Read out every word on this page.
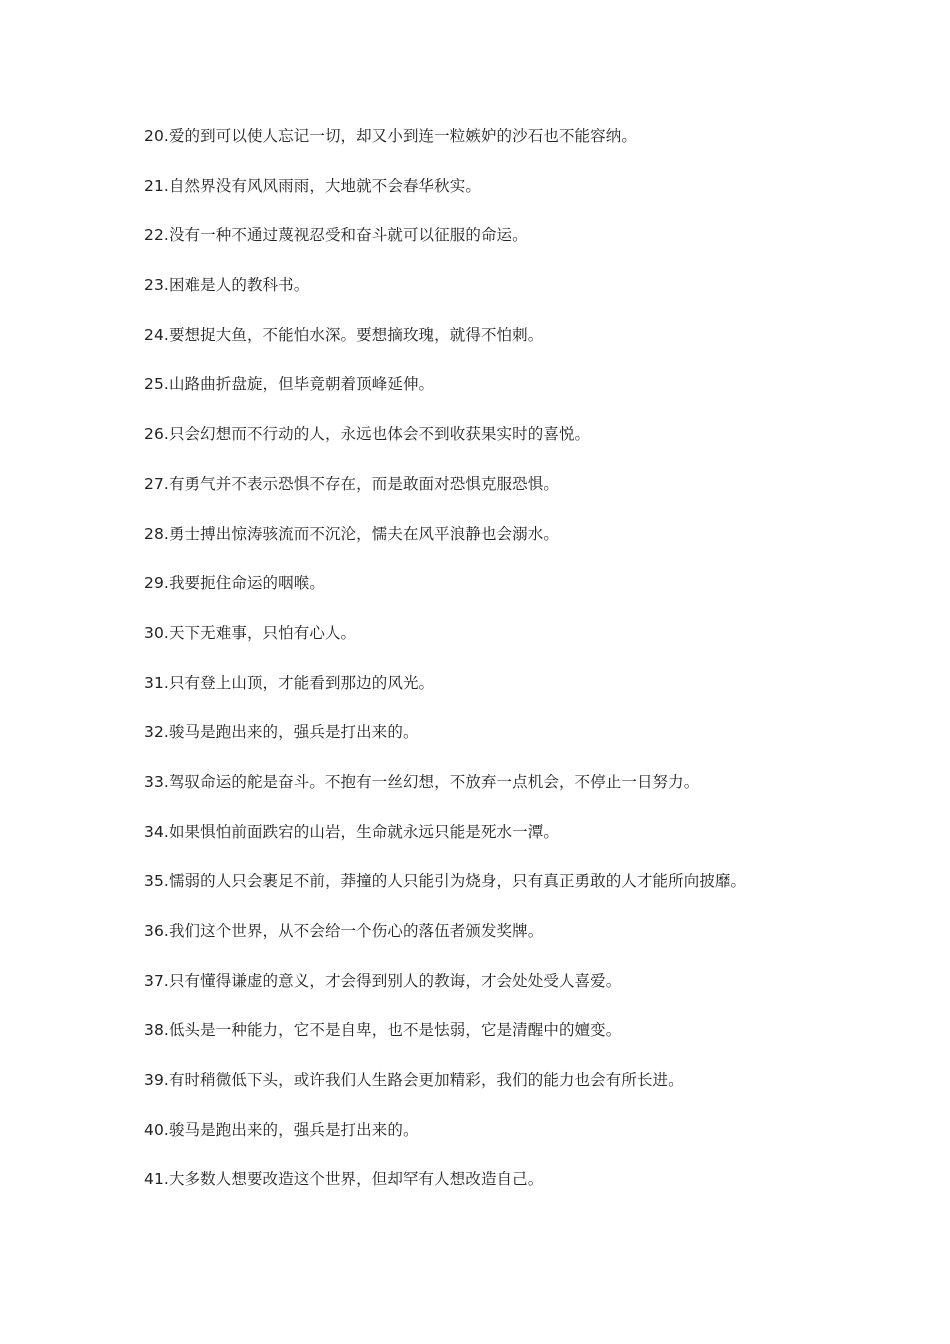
20.爱的到可以使人忘记一切，却又小到连一粒嫉妒的沙石也不能容纳。
21.自然界没有风风雨雨，大地就不会春华秋实。
22.没有一种不通过蔑视忍受和奋斗就可以征服的命运。
23.困难是人的教科书。
24.要想捉大鱼，不能怕水深。要想摘玫瑰，就得不怕刺。
25.山路曲折盘旋，但毕竟朝着顶峰延伸。
26.只会幻想而不行动的人，永远也体会不到收获果实时的喜悦。
27.有勇气并不表示恐惧不存在，而是敢面对恐惧克服恐惧。
28.勇士搏出惊涛骇流而不沉沦，懦夫在风平浪静也会溺水。
29.我要扼住命运的咽喉。
30.天下无难事，只怕有心人。
31.只有登上山顶，才能看到那边的风光。
32.骏马是跑出来的，强兵是打出来的。
33.驾驭命运的舵是奋斗。不抱有一丝幻想，不放弃一点机会，不停止一日努力。
34.如果惧怕前面跌宕的山岩，生命就永远只能是死水一潭。
35.懦弱的人只会裹足不前，莽撞的人只能引为烧身，只有真正勇敢的人才能所向披靡。
36.我们这个世界，从不会给一个伤心的落伍者颁发奖牌。
37.只有懂得谦虚的意义，才会得到别人的教诲，才会处处受人喜爱。
38.低头是一种能力，它不是自卑，也不是怯弱，它是清醒中的嬗变。
39.有时稍微低下头，或许我们人生路会更加精彩，我们的能力也会有所长进。
40.骏马是跑出来的，强兵是打出来的。
41.大多数人想要改造这个世界，但却罕有人想改造自己。
